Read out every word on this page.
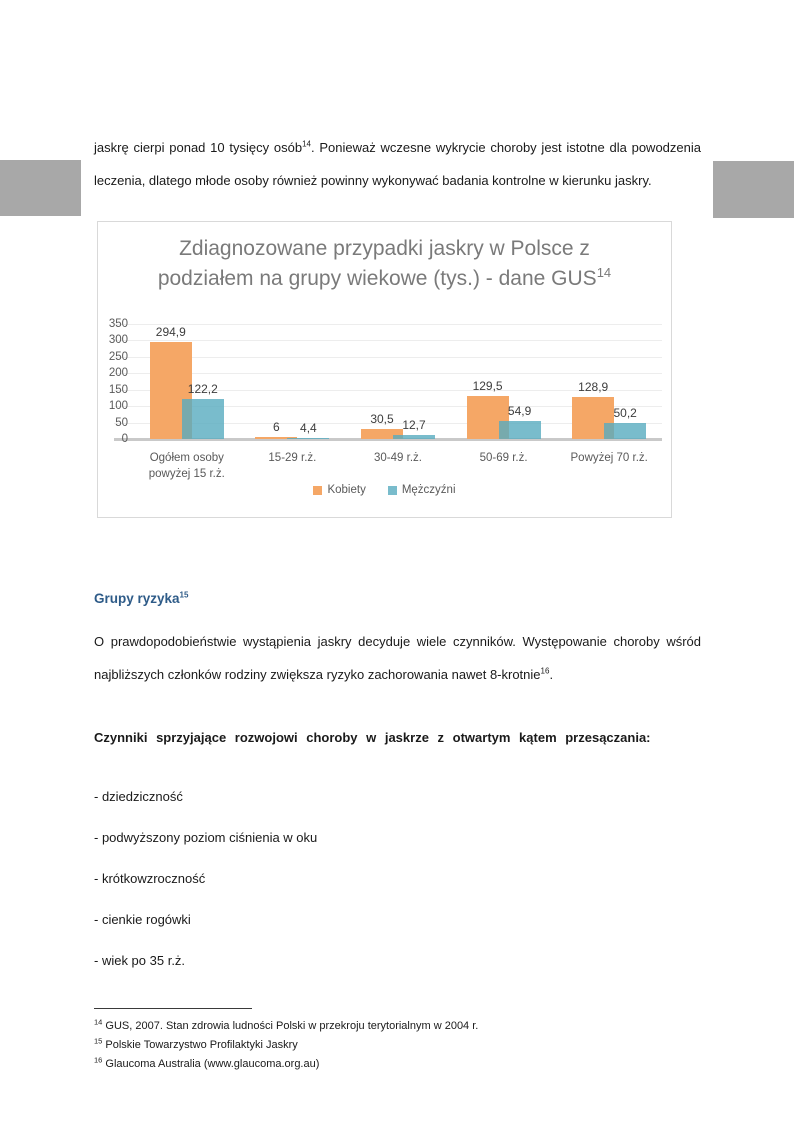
jaskrę cierpi ponad 10 tysięcy osób$^{14}$. Ponieważ wczesne wykrycie choroby jest istotne dla powodzenia leczenia, dlatego młode osoby również powinny wykonywać badania kontrolne w kierunku jaskry.

Zdiagnozowane przypadki jaskry w Polsce z podziałem na grupy wiekowe (tys.) - dane GUS$^{14}$
0
50
100
150
200
250
300
350
294,9
122,2
Ogółem osoby powyżej 15 r.ż.
6	4,4
15-29 r.ż.
30,5 12,7
30-49 r.ż.
129,5
54,9
50-69 r.ż.
128,9
50,2
Powyżej 70 r.ż.
Kobiety	Mężczyźni
Grupy ryzyka$^{15}$

O prawdopodobieństwie wystąpienia jaskry decyduje wiele czynników. Występowanie choroby wśród najbliższych członków rodziny zwiększa ryzyko zachorowania nawet 8-krotnie$^{16}$.

Czynniki sprzyjające rozwojowi choroby w jaskrze z otwartym kątem przesączania:

- dziedziczność
- podwyższony poziom ciśnienia w oku
- krótkowzroczność
- cienkie rogówki
- wiek po 35 r.ż.
$^{14}$ GUS, 2007. Stan zdrowia ludności Polski w przekroju terytorialnym w 2004 r.
$^{15}$ Polskie Towarzystwo Profilaktyki Jaskry
$^{16}$ Glaucoma Australia (www.glaucoma.org.au)
